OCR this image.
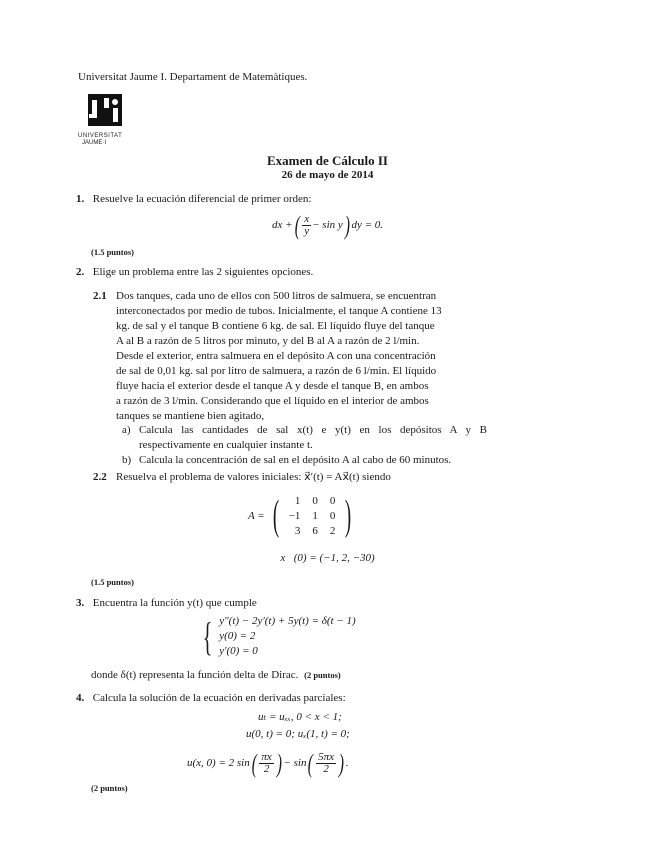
Universitat Jaume I. Departament de Matemàtiques.
UNIVERSITAT
JAUME·I
Examen de Cálculo II
26 de mayo de 2014
1. Resuelve la ecuación diferencial de primer orden:
dx + ( $\frac{x}{y} - \sin y$ ) dy = 0.
(1.5 puntos)
2. Elige un problema entre las 2 siguientes opciones.
2.1 Dos tanques, cada uno de ellos con 500 litros de salmuera, se encuentran
interconectados por medio de tubos. Inicialmente, el tanque A contiene 13
kg. de sal y el tanque B contiene 6 kg. de sal. El líquido fluye del tanque
A al B a razón de 5 litros por minuto, y del B al A a razón de 2 l/min.
Desde el exterior, entra salmuera en el depósito A con una concentración
de sal de 0,01 kg. sal por litro de salmuera, a razón de 6 l/min. El líquido
fluye hacia el exterior desde el tanque A y desde el tanque B, en ambos
a razón de 3 l/min. Considerando que el líquido en el interior de ambos
tanques se mantiene bien agitado,
a) Calcula las cantidades de sal x(t) e y(t) en los depósitos A y B
respectivamente en cualquier instante t.
b) Calcula la concentración de sal en el depósito A al cabo de 60 minutos.
2.2 Resuelva el problema de valores iniciales: x⃗′(t) = Ax⃗(t) siendo
A = ( 1	0	0
−1	1	0
3	6	2 )
x⃗(0) = (−1, 2, −30)
(1.5 puntos)
3. Encuentra la función y(t) que cumple
{ y″(t) − 2y′(t) + 5y(t) = δ(t − 1)
y(0) = 2
y′(0) = 0
donde δ(t) representa la función delta de Dirac. (2 puntos)
4. Calcula la solución de la ecuación en derivadas parciales:
uₜ = uₓₓ, 0 < x < 1;
u(0, t) = 0; uₓ(1, t) = 0;
u(x, 0) = 2 sin ( $\frac{\pi x}{2}$ ) − sin ( $\frac{5\pi x}{2}$ ) .
(2 puntos)
